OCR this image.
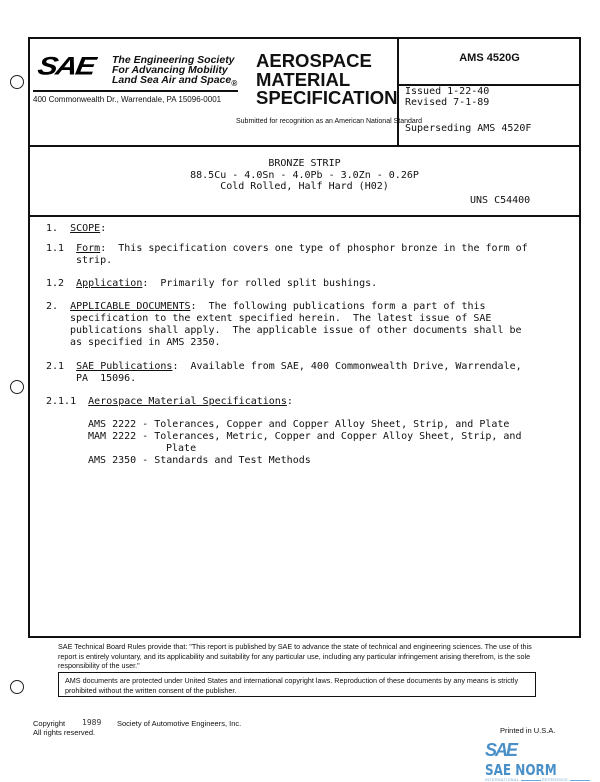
SAE The Engineering Society
For Advancing Mobility
Land Sea Air and Space$_®$
400 Commonwealth Dr., Warrendale, PA 15096-0001
AEROSPACE
MATERIAL
SPECIFICATION
Submitted for recognition as an American National Standard
AMS 4520G
Issued 1-22-40
Revised 7-1-89
Superseding AMS 4520F
BRONZE STRIP
88.5Cu - 4.0Sn - 4.0Pb - 3.0Zn - 0.26P
Cold Rolled, Half Hard (H02)
UNS C54400
1. SCOPE:
1.1 Form:  This specification covers one type of phosphor bronze in the form of
strip.
1.2 Application:  Primarily for rolled split bushings.
2. APPLICABLE DOCUMENTS:  The following publications form a part of this
specification to the extent specified herein.  The latest issue of SAE
publications shall apply.  The applicable issue of other documents shall be
as specified in AMS 2350.
2.1 SAE Publications:  Available from SAE, 400 Commonwealth Drive, Warrendale,
PA  15096.
2.1.1 Aerospace Material Specifications:
AMS 2222 - Tolerances, Copper and Copper Alloy Sheet, Strip, and Plate
MAM 2222 - Tolerances, Metric, Copper and Copper Alloy Sheet, Strip, and
Plate
AMS 2350 - Standards and Test Methods
SAE Technical Board Rules provide that: "This report is published by SAE to advance the state of technical and engineering sciences. The use of this report is entirely voluntary, and its applicability and suitability for any particular use, including any particular infringement arising therefrom, is the sole responsibility of the user."
AMS documents are protected under United States and international copyright laws. Reproduction of these documents by any means is strictly prohibited without the written consent of the publisher.
Copyright
All rights reserved.
1989 Society of Automotive Engineers, Inc.
Printed in U.S.A.
SAE SAE NORM
INTERNATIONAL	REFERENCE
